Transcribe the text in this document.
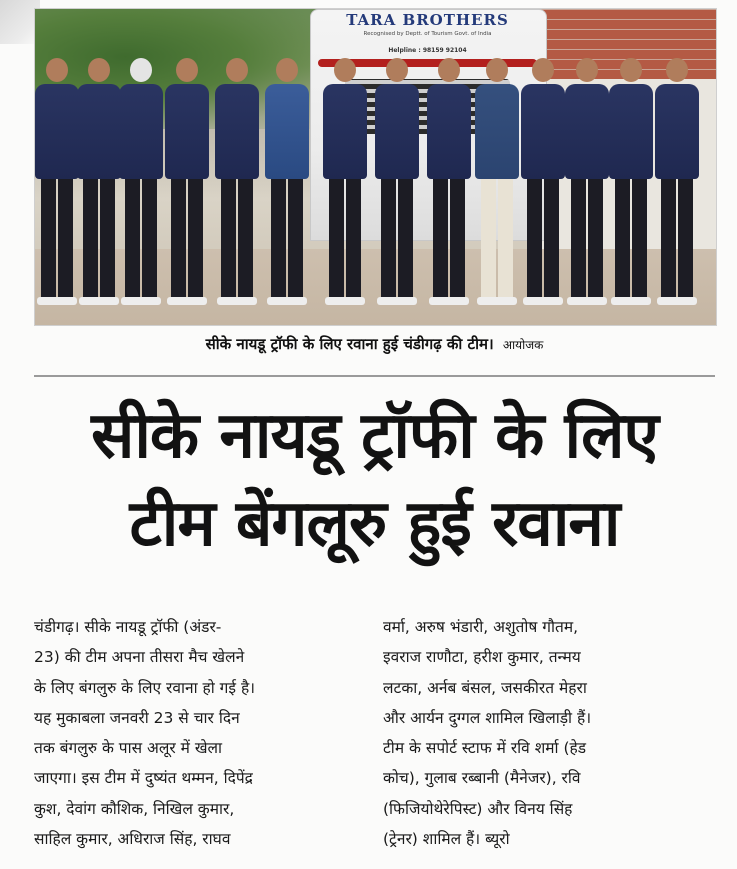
TARA BROTHERS
Recognised by Deptt. of Tourism Govt. of India
Helpline : 98159 92104
सीके नायडू ट्रॉफी के लिए रवाना हुई चंडीगढ़ की टीम। आयोजक
सीके नायडू ट्रॉफी के लिए
टीम बेंगलूरु हुई रवाना
चंडीगढ़। सीके नायडू ट्रॉफी (अंडर-
23) की टीम अपना तीसरा मैच खेलने
के लिए बंगलुरु के लिए रवाना हो गई है।
यह मुकाबला जनवरी 23 से चार दिन
तक बंगलुरु के पास अलूर में खेला
जाएगा। इस टीम में दुष्यंत थम्मन, दिपेंद्र
कुश, देवांग कौशिक, निखिल कुमार,
साहिल कुमार, अधिराज सिंह, राघव
वर्मा, अरुष भंडारी, अशुतोष गौतम,
इवराज राणौटा, हरीश कुमार, तन्मय
लटका, अर्नब बंसल, जसकीरत मेहरा
और आर्यन दुग्गल शामिल खिलाड़ी हैं।
टीम के सपोर्ट स्टाफ में रवि शर्मा (हेड
कोच), गुलाब रब्बानी (मैनेजर), रवि
(फिजियोथेरेपिस्ट) और विनय सिंह
(ट्रेनर) शामिल हैं। ब्यूरो
